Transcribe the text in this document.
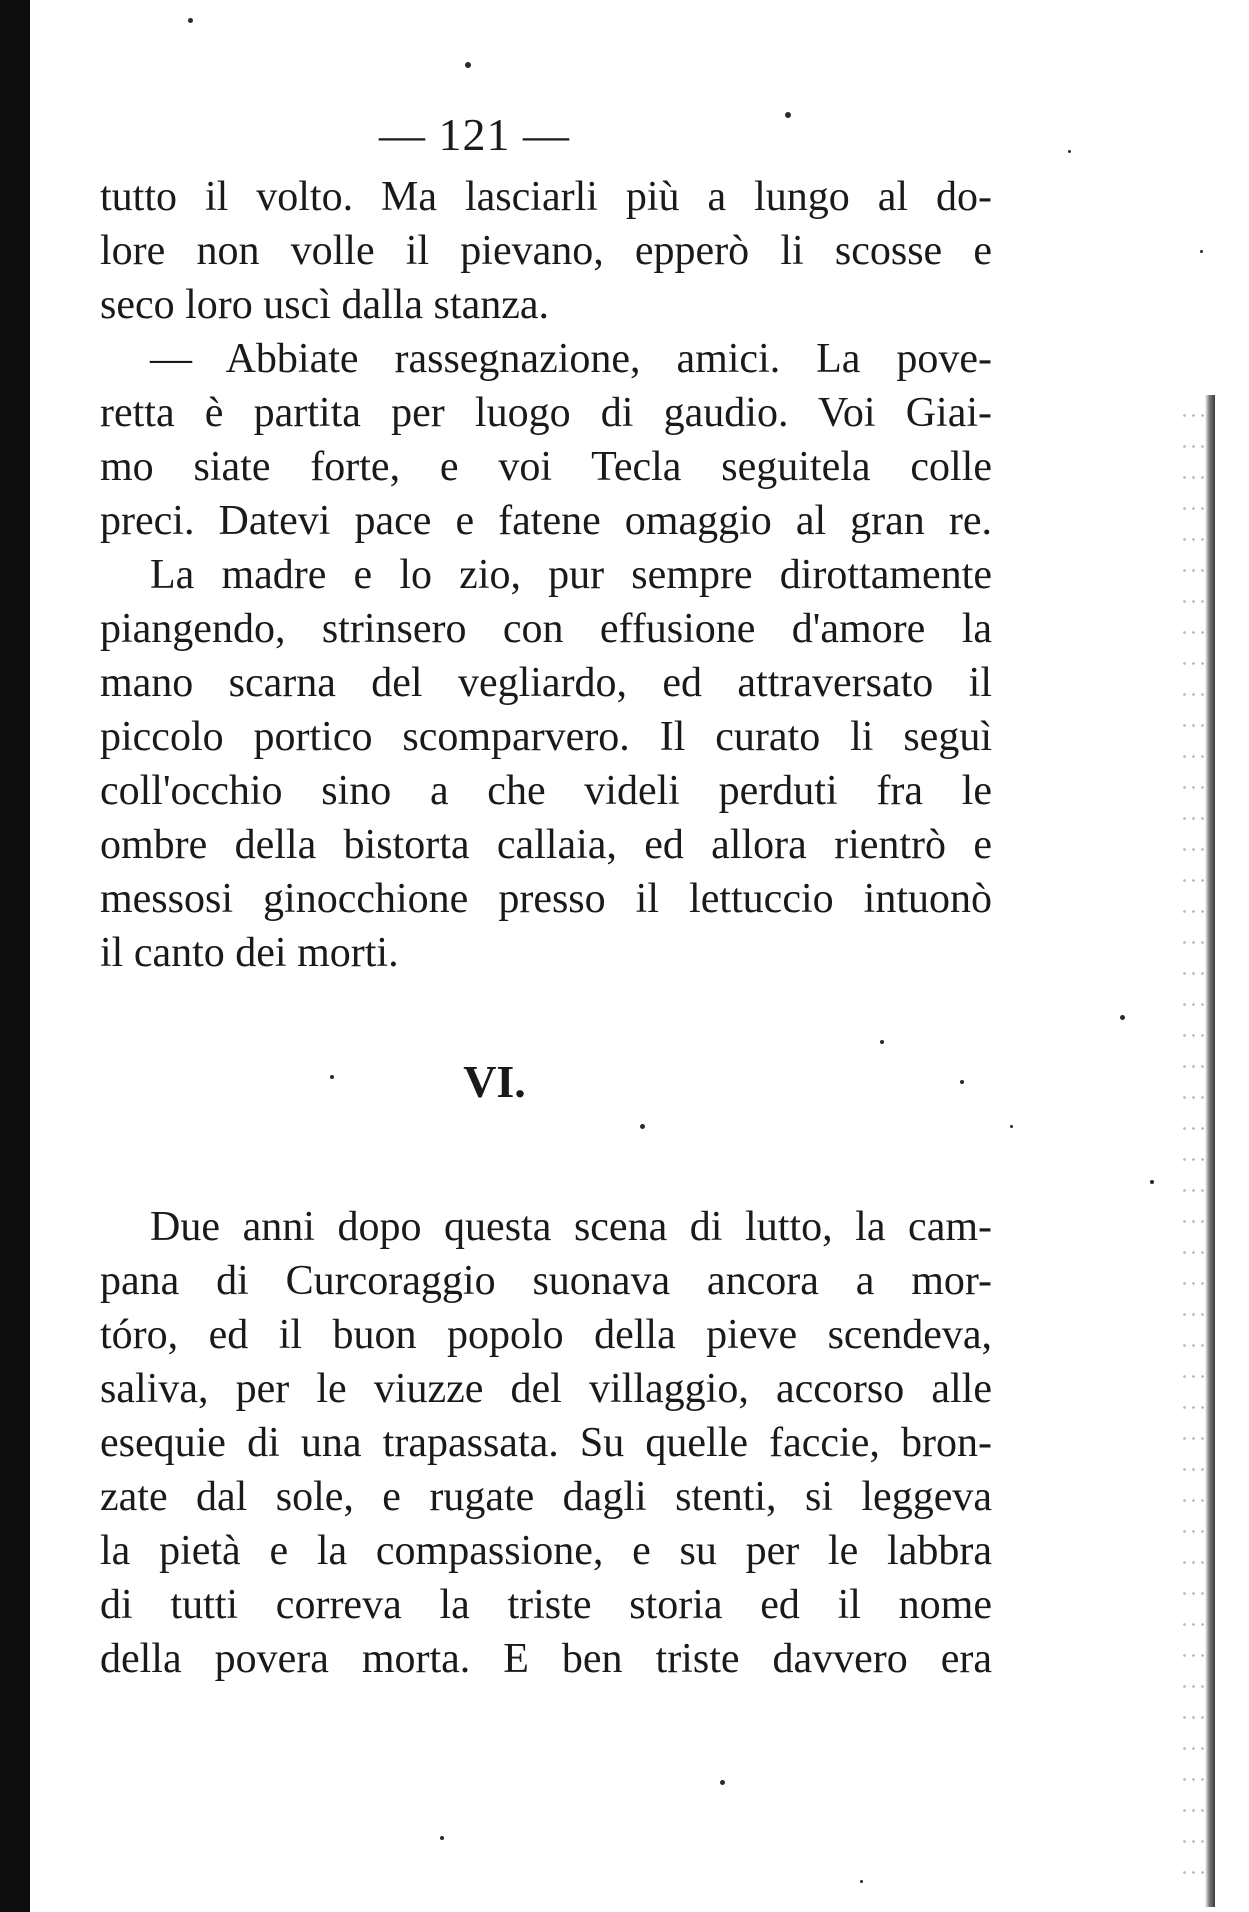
— 121 —
tutto il volto. Ma lasciarli più a lungo al do-
lore non volle il pievano, epperò li scosse e
seco loro uscì dalla stanza.
— Abbiate rassegnazione, amici. La pove-
retta è partita per luogo di gaudio. Voi Giai-
mo siate forte, e voi Tecla seguitela colle
preci. Datevi pace e fatene omaggio al gran re.
La madre e lo zio, pur sempre dirottamente
piangendo, strinsero con effusione d'amore la
mano scarna del vegliardo, ed attraversato il
piccolo portico scomparvero. Il curato li seguì
coll'occhio sino a che videli perduti fra le
ombre della bistorta callaia, ed allora rientrò e
messosi ginocchione presso il lettuccio intuonò
il canto dei morti.
VI.
Due anni dopo questa scena di lutto, la cam-
pana di Curcoraggio suonava ancora a mor-
tóro, ed il buon popolo della pieve scendeva,
saliva, per le viuzze del villaggio, accorso alle
esequie di una trapassata. Su quelle faccie, bron-
zate dal sole, e rugate dagli stenti, si leggeva
la pietà e la compassione, e su per le labbra
di tutti correva la triste storia ed il nome
della povera morta. E ben triste davvero era
